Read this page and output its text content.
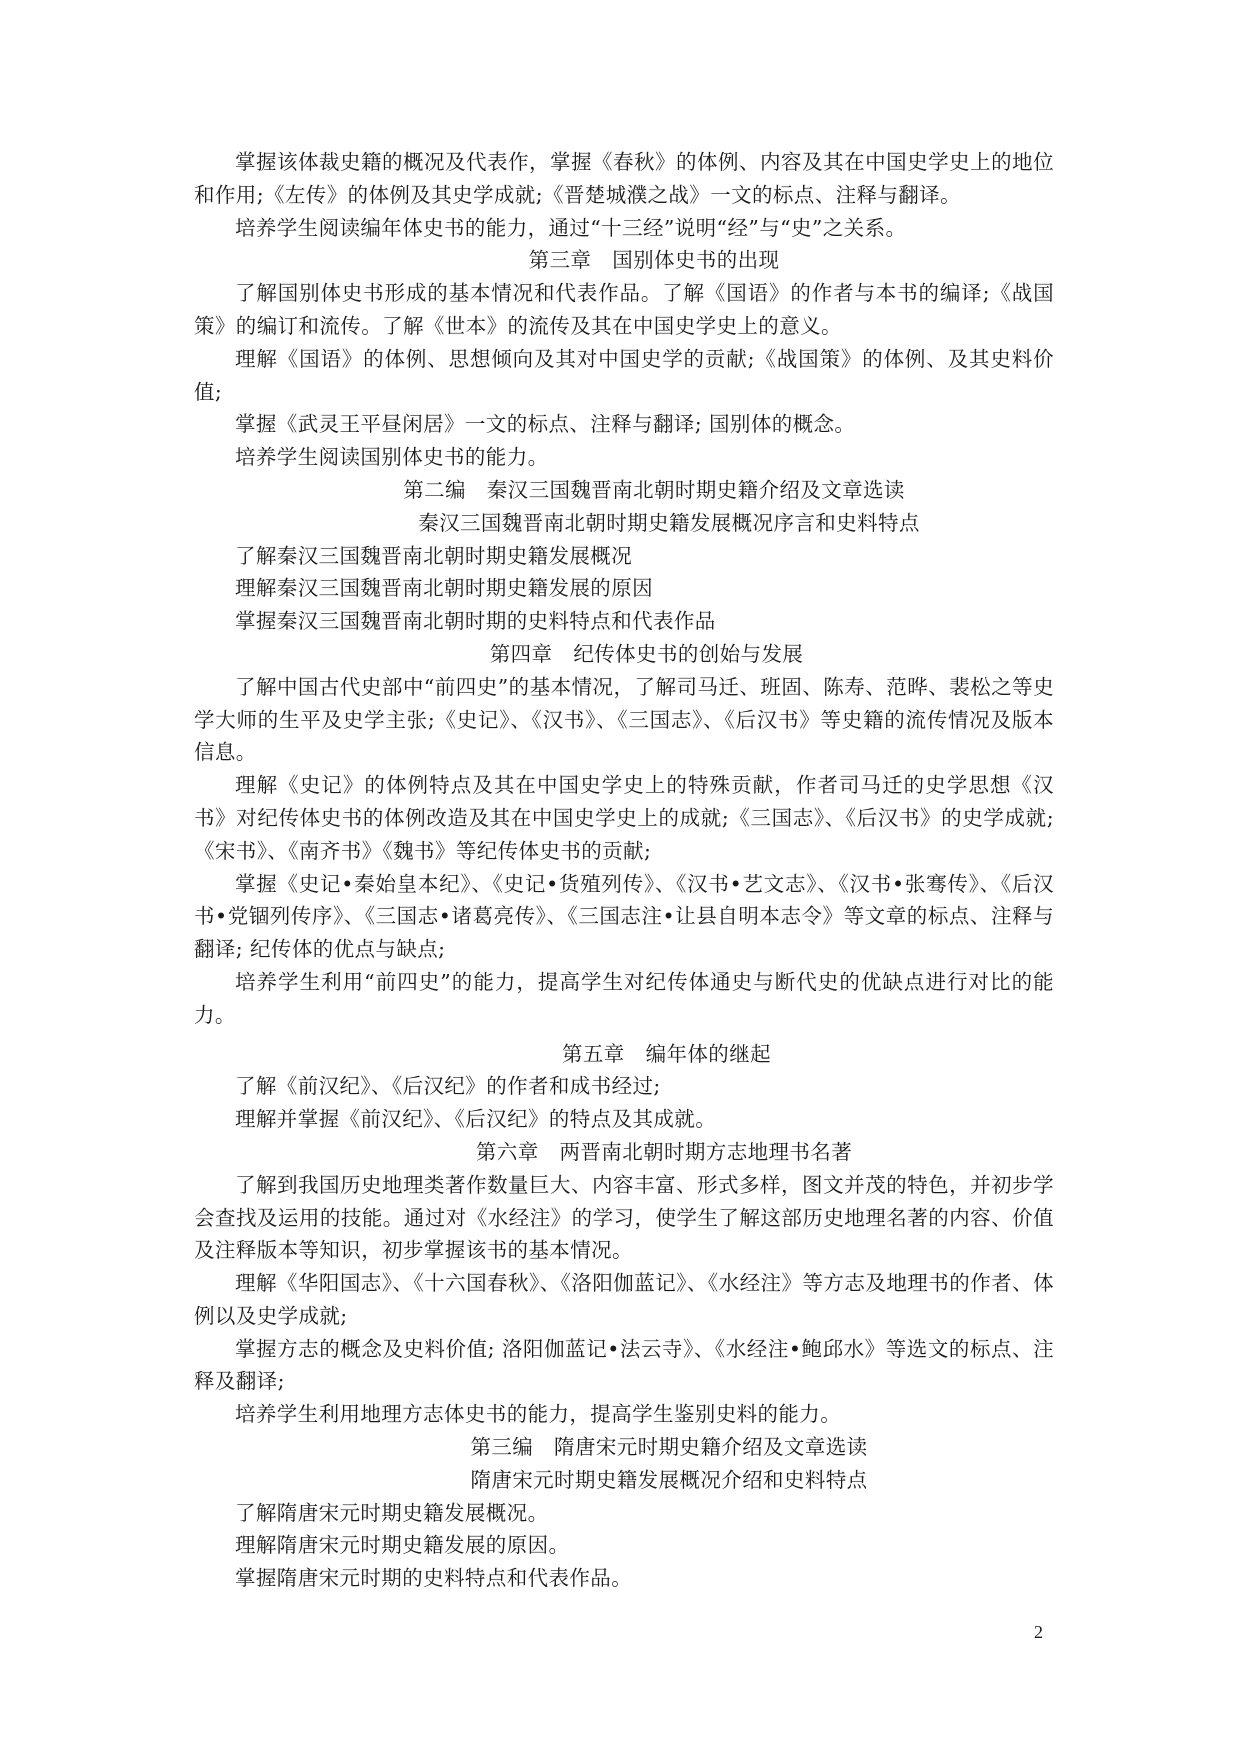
掌握该体裁史籍的概况及代表作，掌握《春秋》的体例、内容及其在中国史学史上的地位和作用;《左传》的体例及其史学成就;《晋楚城濮之战》一文的标点、注释与翻译。

培养学生阅读编年体史书的能力，通过“十三经”说明“经”与“史”之关系。

第三章　国别体史书的出现

了解国别体史书形成的基本情况和代表作品。了解《国语》的作者与本书的编译;《战国策》的编订和流传。了解《世本》的流传及其在中国史学史上的意义。

理解《国语》的体例、思想倾向及其对中国史学的贡献;《战国策》的体例、及其史料价值;

掌握《武灵王平昼闲居》一文的标点、注释与翻译; 国别体的概念。

培养学生阅读国别体史书的能力。

第二编　秦汉三国魏晋南北朝时期史籍介绍及文章选读

秦汉三国魏晋南北朝时期史籍发展概况序言和史料特点

了解秦汉三国魏晋南北朝时期史籍发展概况

理解秦汉三国魏晋南北朝时期史籍发展的原因

掌握秦汉三国魏晋南北朝时期的史料特点和代表作品

第四章　纪传体史书的创始与发展

了解中国古代史部中“前四史”的基本情况，了解司马迁、班固、陈寿、范晔、裴松之等史学大师的生平及史学主张;《史记》、《汉书》、《三国志》、《后汉书》等史籍的流传情况及版本信息。

理解《史记》的体例特点及其在中国史学史上的特殊贡献，作者司马迁的史学思想《汉书》对纪传体史书的体例改造及其在中国史学史上的成就;《三国志》、《后汉书》的史学成就;《宋书》、《南齐书》《魏书》等纪传体史书的贡献;

掌握《史记•秦始皇本纪》、《史记•货殖列传》、《汉书•艺文志》、《汉书•张骞传》、《后汉书•党锢列传序》、《三国志•诸葛亮传》、《三国志注•让县自明本志令》等文章的标点、注释与翻译; 纪传体的优点与缺点;

培养学生利用“前四史”的能力，提高学生对纪传体通史与断代史的优缺点进行对比的能力。

第五章　编年体的继起

了解《前汉纪》、《后汉纪》的作者和成书经过;

理解并掌握《前汉纪》、《后汉纪》的特点及其成就。

第六章　两晋南北朝时期方志地理书名著

了解到我国历史地理类著作数量巨大、内容丰富、形式多样，图文并茂的特色，并初步学会查找及运用的技能。通过对《水经注》的学习，使学生了解这部历史地理名著的内容、价值及注释版本等知识，初步掌握该书的基本情况。

理解《华阳国志》、《十六国春秋》、《洛阳伽蓝记》、《水经注》等方志及地理书的作者、体例以及史学成就;

掌握方志的概念及史料价值; 洛阳伽蓝记•法云寺》、《水经注•鲍邱水》等选文的标点、注释及翻译;

培养学生利用地理方志体史书的能力，提高学生鉴别史料的能力。

第三编　隋唐宋元时期史籍介绍及文章选读

隋唐宋元时期史籍发展概况介绍和史料特点

了解隋唐宋元时期史籍发展概况。

理解隋唐宋元时期史籍发展的原因。

掌握隋唐宋元时期的史料特点和代表作品。

2
